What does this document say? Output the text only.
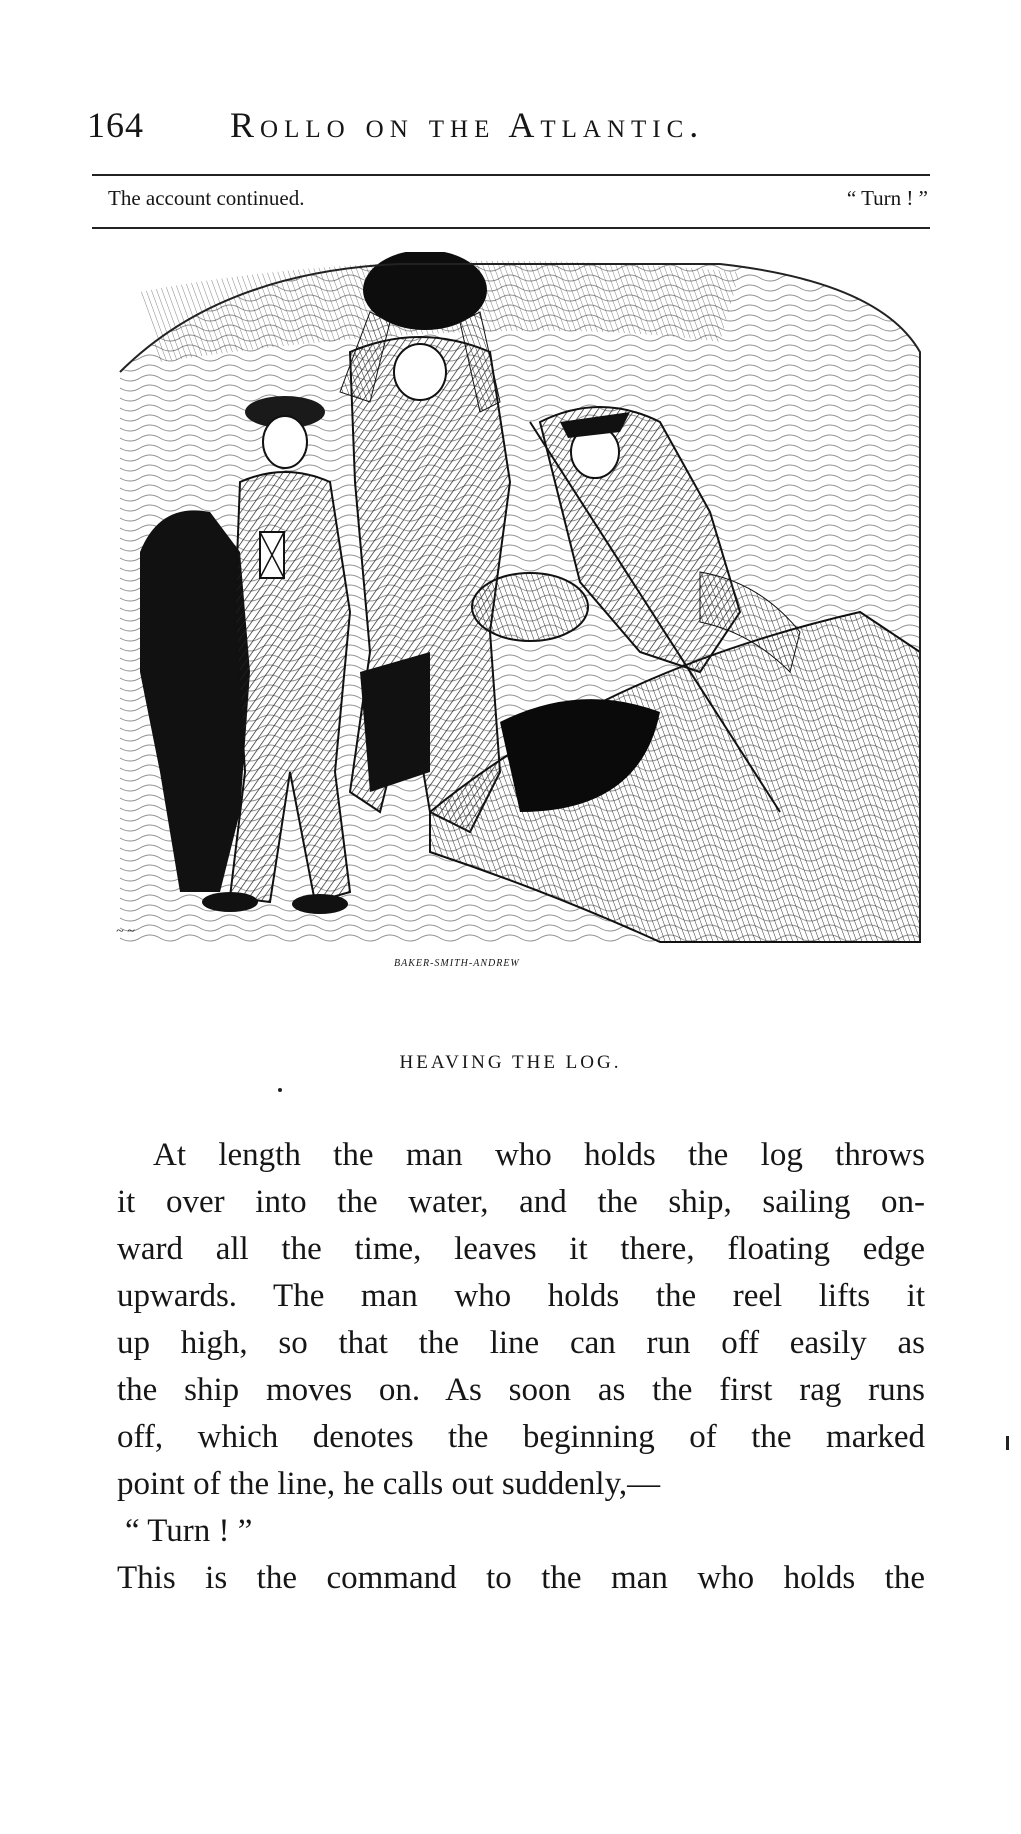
164 Rollo on the Atlantic.
The account continued.	“ Turn ! ”
~ ~
BAKER-SMITH-ANDREW
HEAVING THE LOG.
At length the man who holds the log throws
it over into the water, and the ship, sailing on-
ward all the time, leaves it there, floating edge
upwards. The man who holds the reel lifts it
up high, so that the line can run off easily as
the ship moves on. As soon as the first rag runs
off, which denotes the beginning of the marked
point of the line, he calls out suddenly,—
“ Turn ! ”
This is the command to the man who holds the
